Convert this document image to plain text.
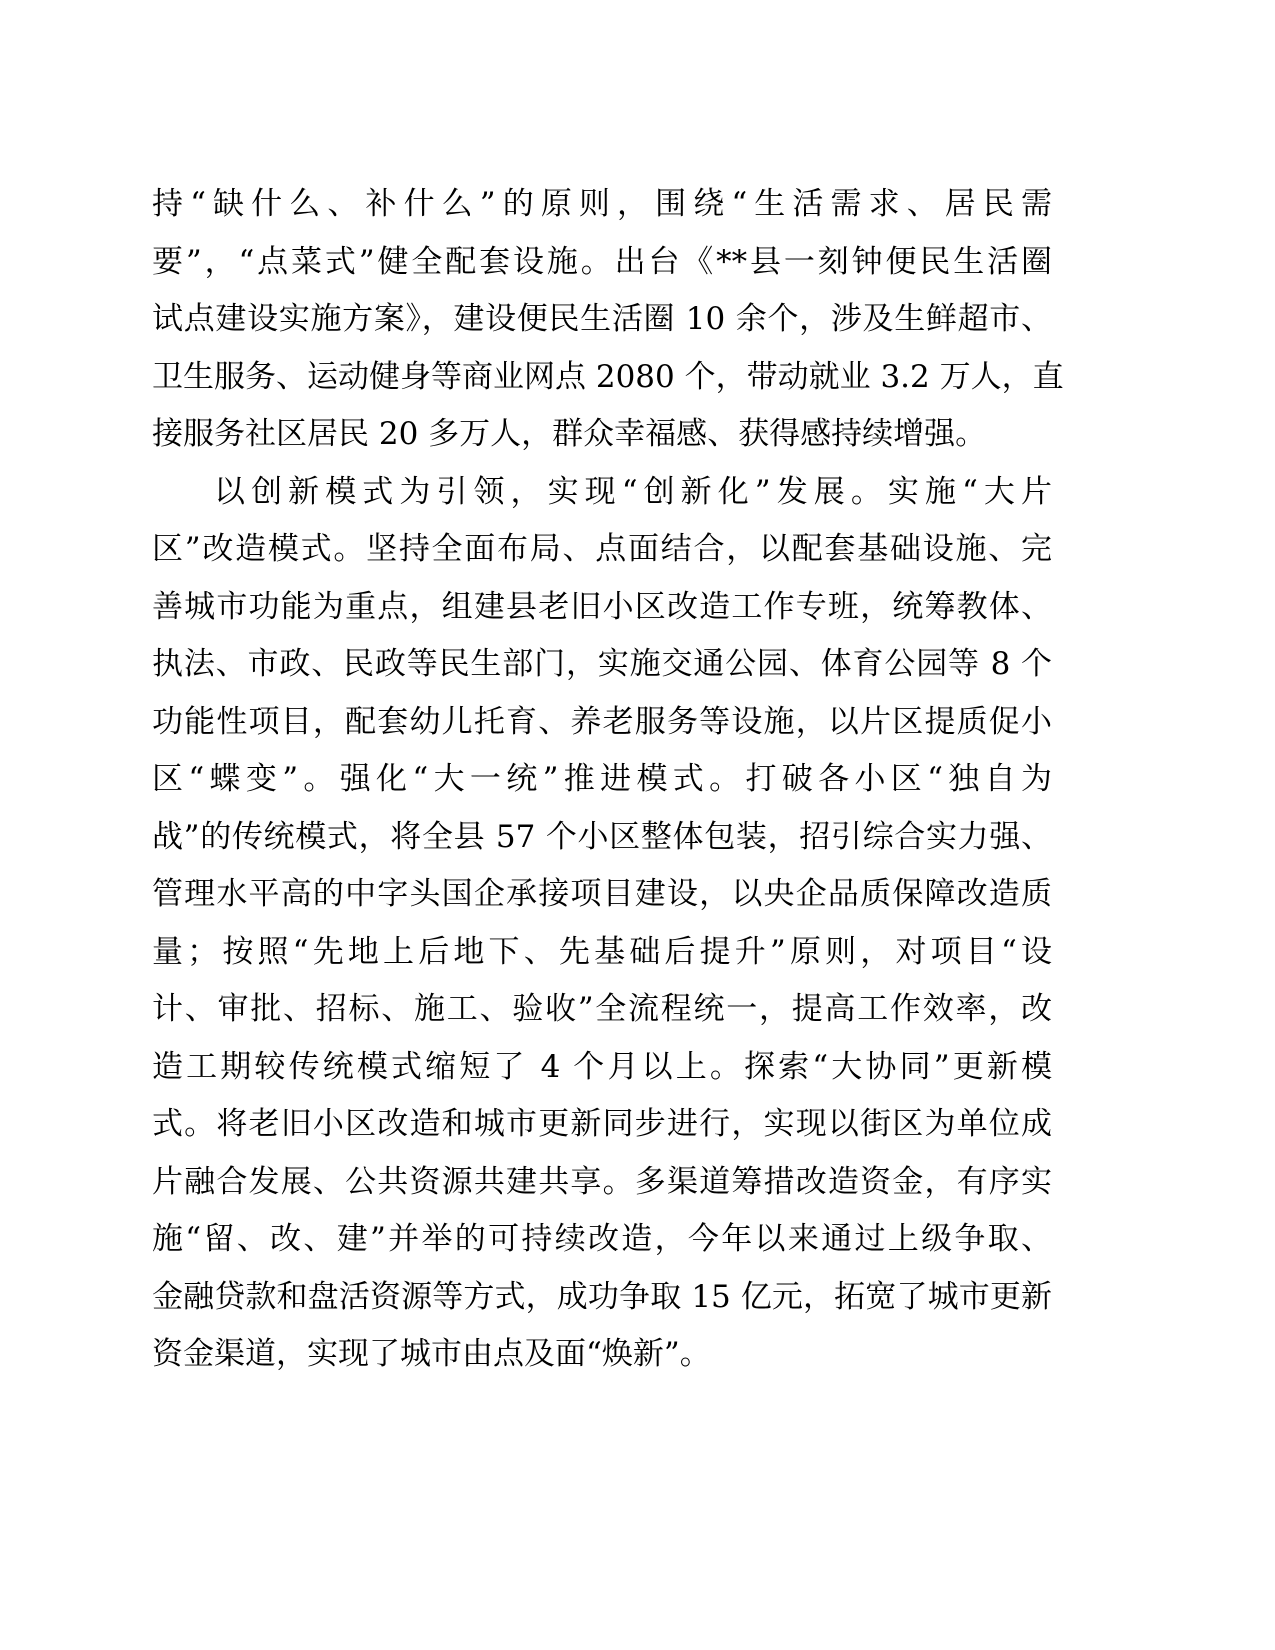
持“缺什么、补什么”的原则，围绕“生活需求、居民需
要”，“点菜式”健全配套设施。出台《**县一刻钟便民生活圈
试点建设实施方案》，建设便民生活圈 10 余个，涉及生鲜超市、
卫生服务、运动健身等商业网点 2080 个，带动就业 3.2 万人，直
接服务社区居民 20 多万人，群众幸福感、获得感持续增强。
以创新模式为引领，实现“创新化”发展。实施“大片
区”改造模式。坚持全面布局、点面结合，以配套基础设施、完
善城市功能为重点，组建县老旧小区改造工作专班，统筹教体、
执法、市政、民政等民生部门，实施交通公园、体育公园等 8 个
功能性项目，配套幼儿托育、养老服务等设施，以片区提质促小
区“蝶变”。强化“大一统”推进模式。打破各小区“独自为
战”的传统模式，将全县 57 个小区整体包装，招引综合实力强、
管理水平高的中字头国企承接项目建设，以央企品质保障改造质
量；按照“先地上后地下、先基础后提升”原则，对项目“设
计、审批、招标、施工、验收”全流程统一，提高工作效率，改
造工期较传统模式缩短了 4 个月以上。探索“大协同”更新模
式。将老旧小区改造和城市更新同步进行，实现以街区为单位成
片融合发展、公共资源共建共享。多渠道筹措改造资金，有序实
施“留、改、建”并举的可持续改造，今年以来通过上级争取、
金融贷款和盘活资源等方式，成功争取 15 亿元，拓宽了城市更新
资金渠道，实现了城市由点及面“焕新”。
